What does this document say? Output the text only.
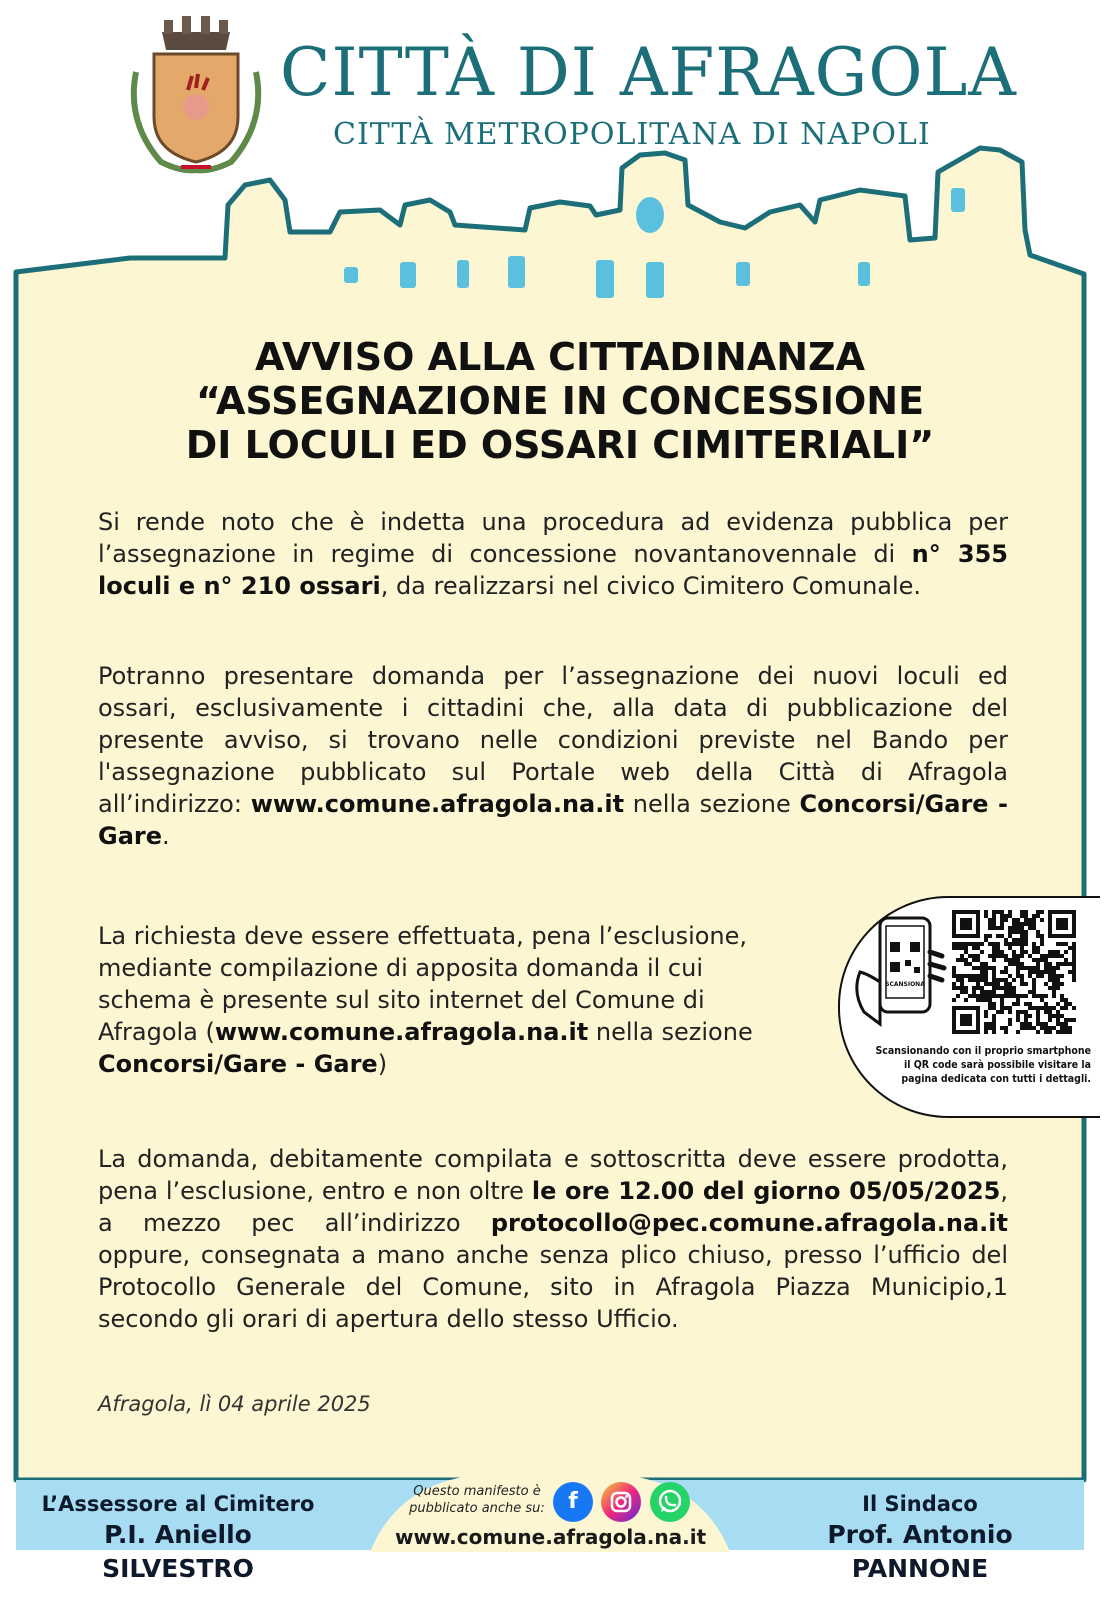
CITTÀ DI AFRAGOLA
CITTÀ METROPOLITANA DI NAPOLI
AVVISO ALLA CITTADINANZA
“ASSEGNAZIONE IN CONCESSIONE
DI LOCULI ED OSSARI CIMITERIALI”
Si rende noto che è indetta una procedura ad evidenza pubblica per l’assegnazione in regime di concessione novantanovennale di n° 355 loculi e n° 210 ossari, da realizzarsi nel civico Cimitero Comunale.
Potranno presentare domanda per l’assegnazione dei nuovi loculi ed ossari, esclusivamente i cittadini che, alla data di pubblicazione del presente avviso, si trovano nelle condizioni previste nel Bando per l'assegnazione pubblicato sul Portale web della Città di Afragola all’indirizzo: www.comune.afragola.na.it nella sezione Concorsi/Gare - Gare.
La richiesta deve essere effettuata, pena l’esclusione, mediante compilazione di apposita domanda il cui schema è presente sul sito internet del Comune di Afragola (www.comune.afragola.na.it nella sezione Concorsi/Gare - Gare)
La domanda, debitamente compilata e sottoscritta deve essere prodotta, pena l’esclusione, entro e non oltre le ore 12.00 del giorno 05/05/2025, a mezzo pec all’indirizzo protocollo@pec.comune.afragola.na.it oppure, consegnata a mano anche senza plico chiuso, presso l’ufficio del Protocollo Generale del Comune, sito in Afragola Piazza Municipio,1 secondo gli orari di apertura dello stesso Ufficio.
Afragola, lì 04 aprile 2025
SCANSIONA
Scansionando con il proprio smartphone
il QR code sarà possibile visitare la
pagina dedicata con tutti i dettagli.
L’Assessore al Cimitero
P.I. Aniello SILVESTRO
Questo manifesto è pubblicato anche su:	f
www.comune.afragola.na.it
Il Sindaco
Prof. Antonio PANNONE
